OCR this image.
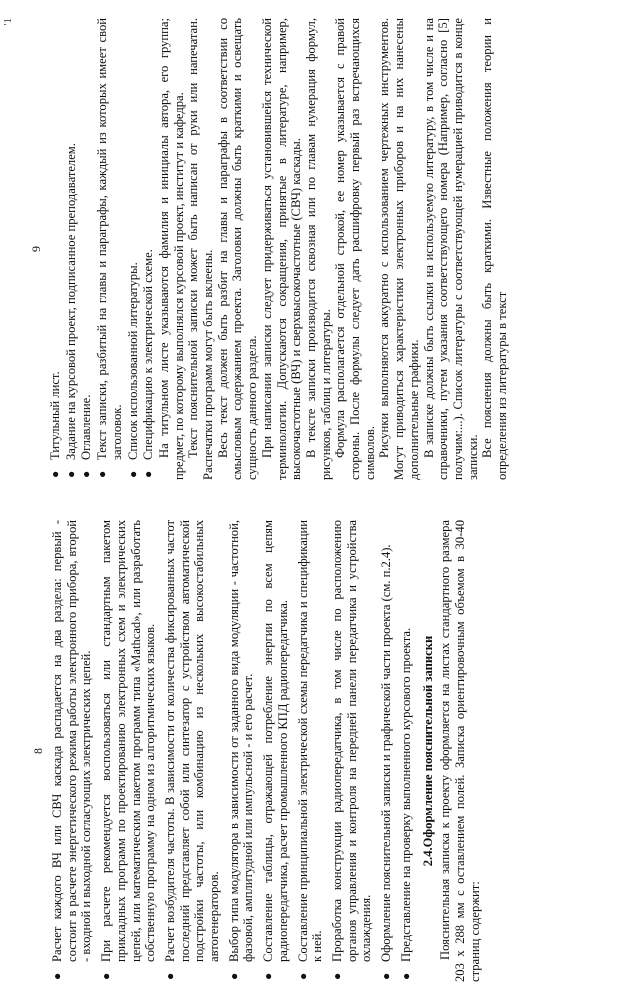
8
●
Расчет каждого ВЧ или СВЧ каскада распадается на два раздела: первый - состоит в расчете энергетического режима работы электронного прибора, второй - входной и выходной согласующих электрических цепей.
●
При расчете рекомендуется воспользоваться или стандартным пакетом прикладных программ по проектированию электронных схем и электрических цепей, или математическим пакетом программ типа «Mathcad», или разработать собственную программу на одном из алгоритмических языков.
●
Расчет возбудителя частоты. В зависимости от количества фиксированных частот последний представляет собой или синтезатор с устройством автоматической подстройки частоты, или комбинацию из нескольких высокостабильных автогенераторов.
●
Выбор типа модулятора в зависимости от заданного вида модуляции - частотной, фазовой, амплитудной или импульсной - и его расчет.
●
Составление таблицы, отражающей потребление энергии по всем цепям радиопередатчика, расчет промышленного КПД радиопередатчика.
●
Составление принципиальной электрической схемы передатчика и спецификации к ней.
●
Проработка конструкции радиопередатчика, в том числе по расположению органов управления и контроля на передней панели передатчика и устройства охлаждения.
●
Оформление пояснительной записки и графической части проекта (см. п.2.4).
●
Представление на проверку выполненного курсового проекта. 2.4.Оформление пояснительной записки Пояснительная записка к проекту оформляется на листах стандартного размера 203 х 288 мм с оставлением полей. Записка ориентировочным объемом в 30-40 страниц содержит:

'1
9
●
Титульный лист.
●
Задание на курсовой проект, подписанное преподавателем.
●
Оглавление.
●
Текст записки, разбитый на главы и параграфы, каждый из которых имеет свой заголовок.
●
Список использованной литературы.
●
Спецификацию к электрической схеме. На титульном листе указываются фамилия и инициалы автора, его группа; предмет, по которому выполнялся курсовой проект, институт и кафедра. Текст пояснительной записки может быть написан от руки или напечатан. Распечатки программ могут быть вклеены. Весь текст должен быть разбит на главы и параграфы в соответствии со смысловым содержанием проекта. Заголовки должны быть краткими и освещать сущность данного раздела. При написании записки следует придерживаться установившейся технической терминологии. Допускаются сокращения, принятые в литературе, например, высокочастотные (ВЧ) и сверхвысокочастотные (СВЧ) каскады. В тексте записки производится сквозная или по главам нумерация формул, рисунков, таблиц и литературы. Формула располагается отдельной строкой, ее номер указывается с правой стороны. После формулы следует дать расшифровку первый раз встречающихся символов. Рисунки выполняются аккуратно с использованием чертежных инструментов. Могут приводиться характеристики электронных приборов и на них нанесены дополнительные графики. В записке должны быть ссылки на используемую литературу, в том числе и на справочники, путем указания соответствующего номера (Например, согласно [5] получим:...). Список литературы с соответствующей нумерацией приводится в конце записки. Все пояснения должны быть краткими. Известные положения теории и определения из литературы в текст
